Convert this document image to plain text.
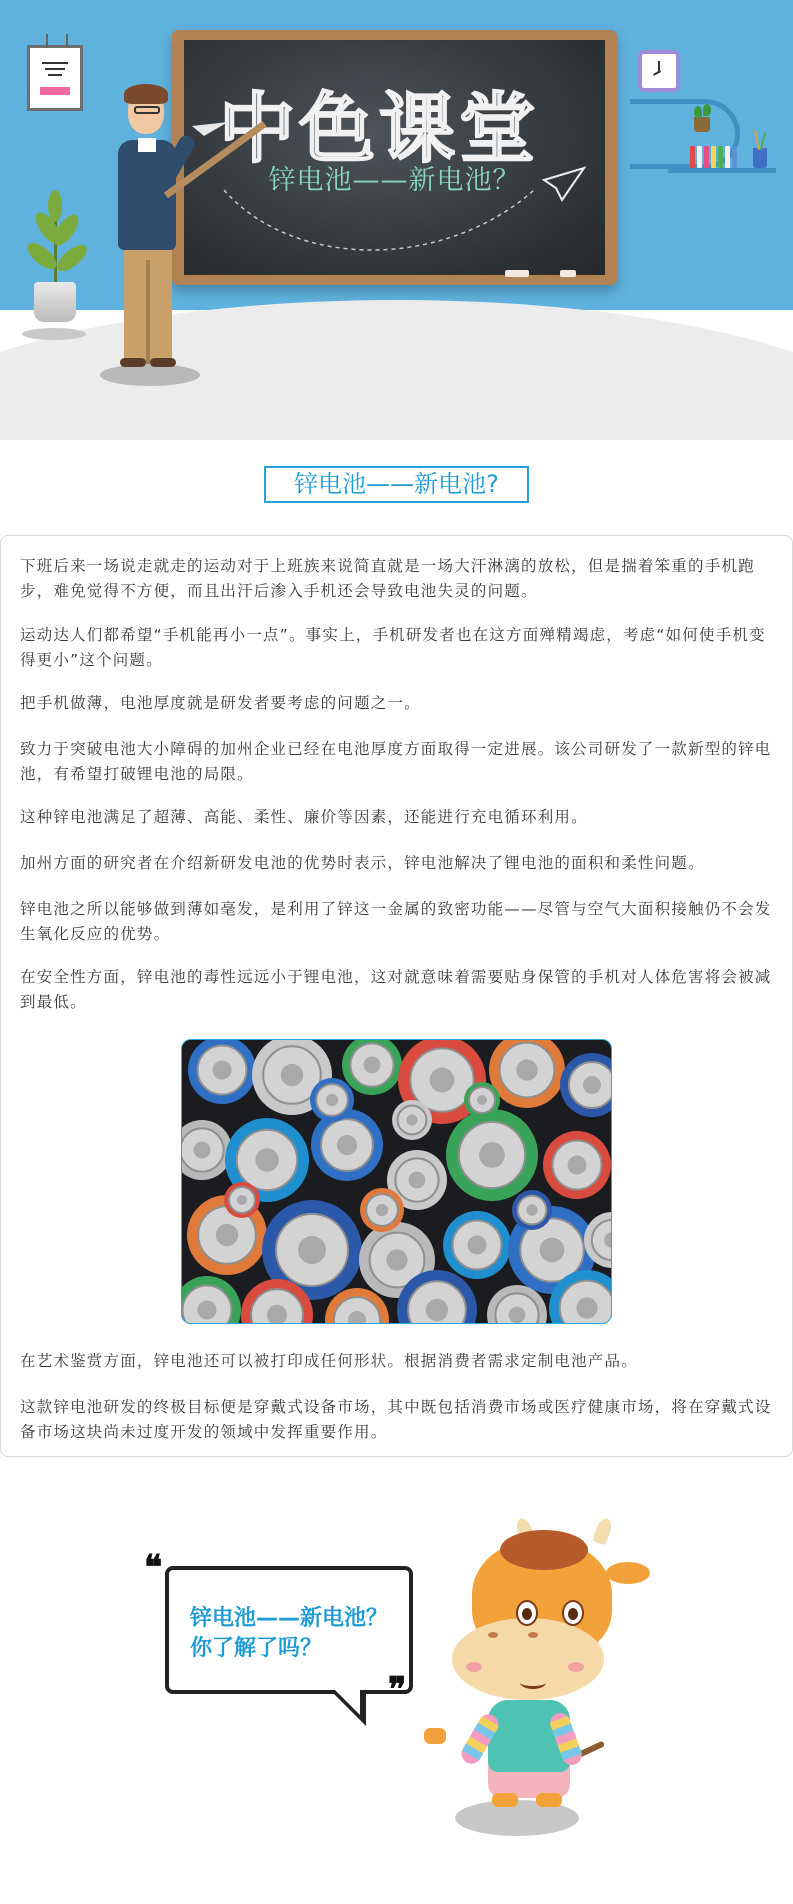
中色课堂
锌电池——新电池？
锌电池——新电池?

下班后来一场说走就走的运动对于上班族来说简直就是一场大汗淋漓的放松，但是揣着笨重的手机跑步，难免觉得不方便，而且出汗后渗入手机还会导致电池失灵的问题。

运动达人们都希望“手机能再小一点”。事实上，手机研发者也在这方面殚精竭虑，考虑“如何使手机变得更小”这个问题。

把手机做薄，电池厚度就是研发者要考虑的问题之一。

致力于突破电池大小障碍的加州企业已经在电池厚度方面取得一定进展。该公司研发了一款新型的锌电池，有希望打破锂电池的局限。

这种锌电池满足了超薄、高能、柔性、廉价等因素，还能进行充电循环利用。

加州方面的研究者在介绍新研发电池的优势时表示，锌电池解决了锂电池的面积和柔性问题。

锌电池之所以能够做到薄如毫发，是利用了锌这一金属的致密功能——尽管与空气大面积接触仍不会发生氧化反应的优势。

在安全性方面，锌电池的毒性远远小于锂电池，这对就意味着需要贴身保管的手机对人体危害将会被减到最低。

在艺术鉴赏方面，锌电池还可以被打印成任何形状。根据消费者需求定制电池产品。

这款锌电池研发的终极目标便是穿戴式设备市场，其中既包括消费市场或医疗健康市场，将在穿戴式设备市场这块尚未过度开发的领域中发挥重要作用。

❝
❞
锌电池——新电池？
你了解了吗？
